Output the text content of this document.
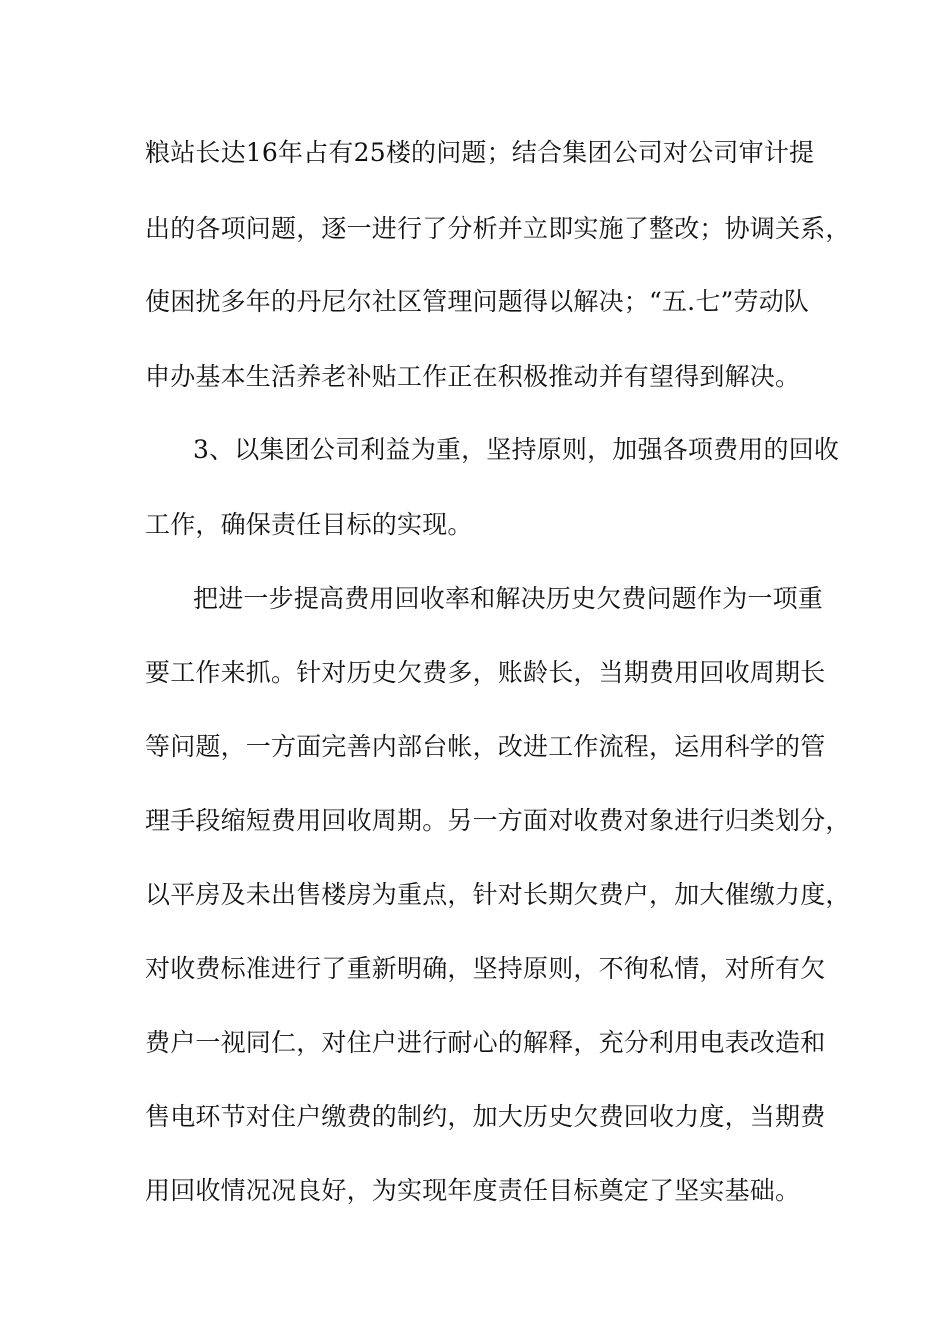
粮站长达16年占有25楼的问题；结合集团公司对公司审计提
出的各项问题，逐一进行了分析并立即实施了整改；协调关系，
使困扰多年的丹尼尔社区管理问题得以解决；“五.七”劳动队
申办基本生活养老补贴工作正在积极推动并有望得到解决。
3、以集团公司利益为重，坚持原则，加强各项费用的回收
工作，确保责任目标的实现。
把进一步提高费用回收率和解决历史欠费问题作为一项重
要工作来抓。针对历史欠费多，账龄长，当期费用回收周期长
等问题，一方面完善内部台帐，改进工作流程，运用科学的管
理手段缩短费用回收周期。另一方面对收费对象进行归类划分，
以平房及未出售楼房为重点，针对长期欠费户，加大催缴力度，
对收费标准进行了重新明确，坚持原则，不徇私情，对所有欠
费户一视同仁，对住户进行耐心的解释，充分利用电表改造和
售电环节对住户缴费的制约，加大历史欠费回收力度，当期费
用回收情况况良好，为实现年度责任目标奠定了坚实基础。
